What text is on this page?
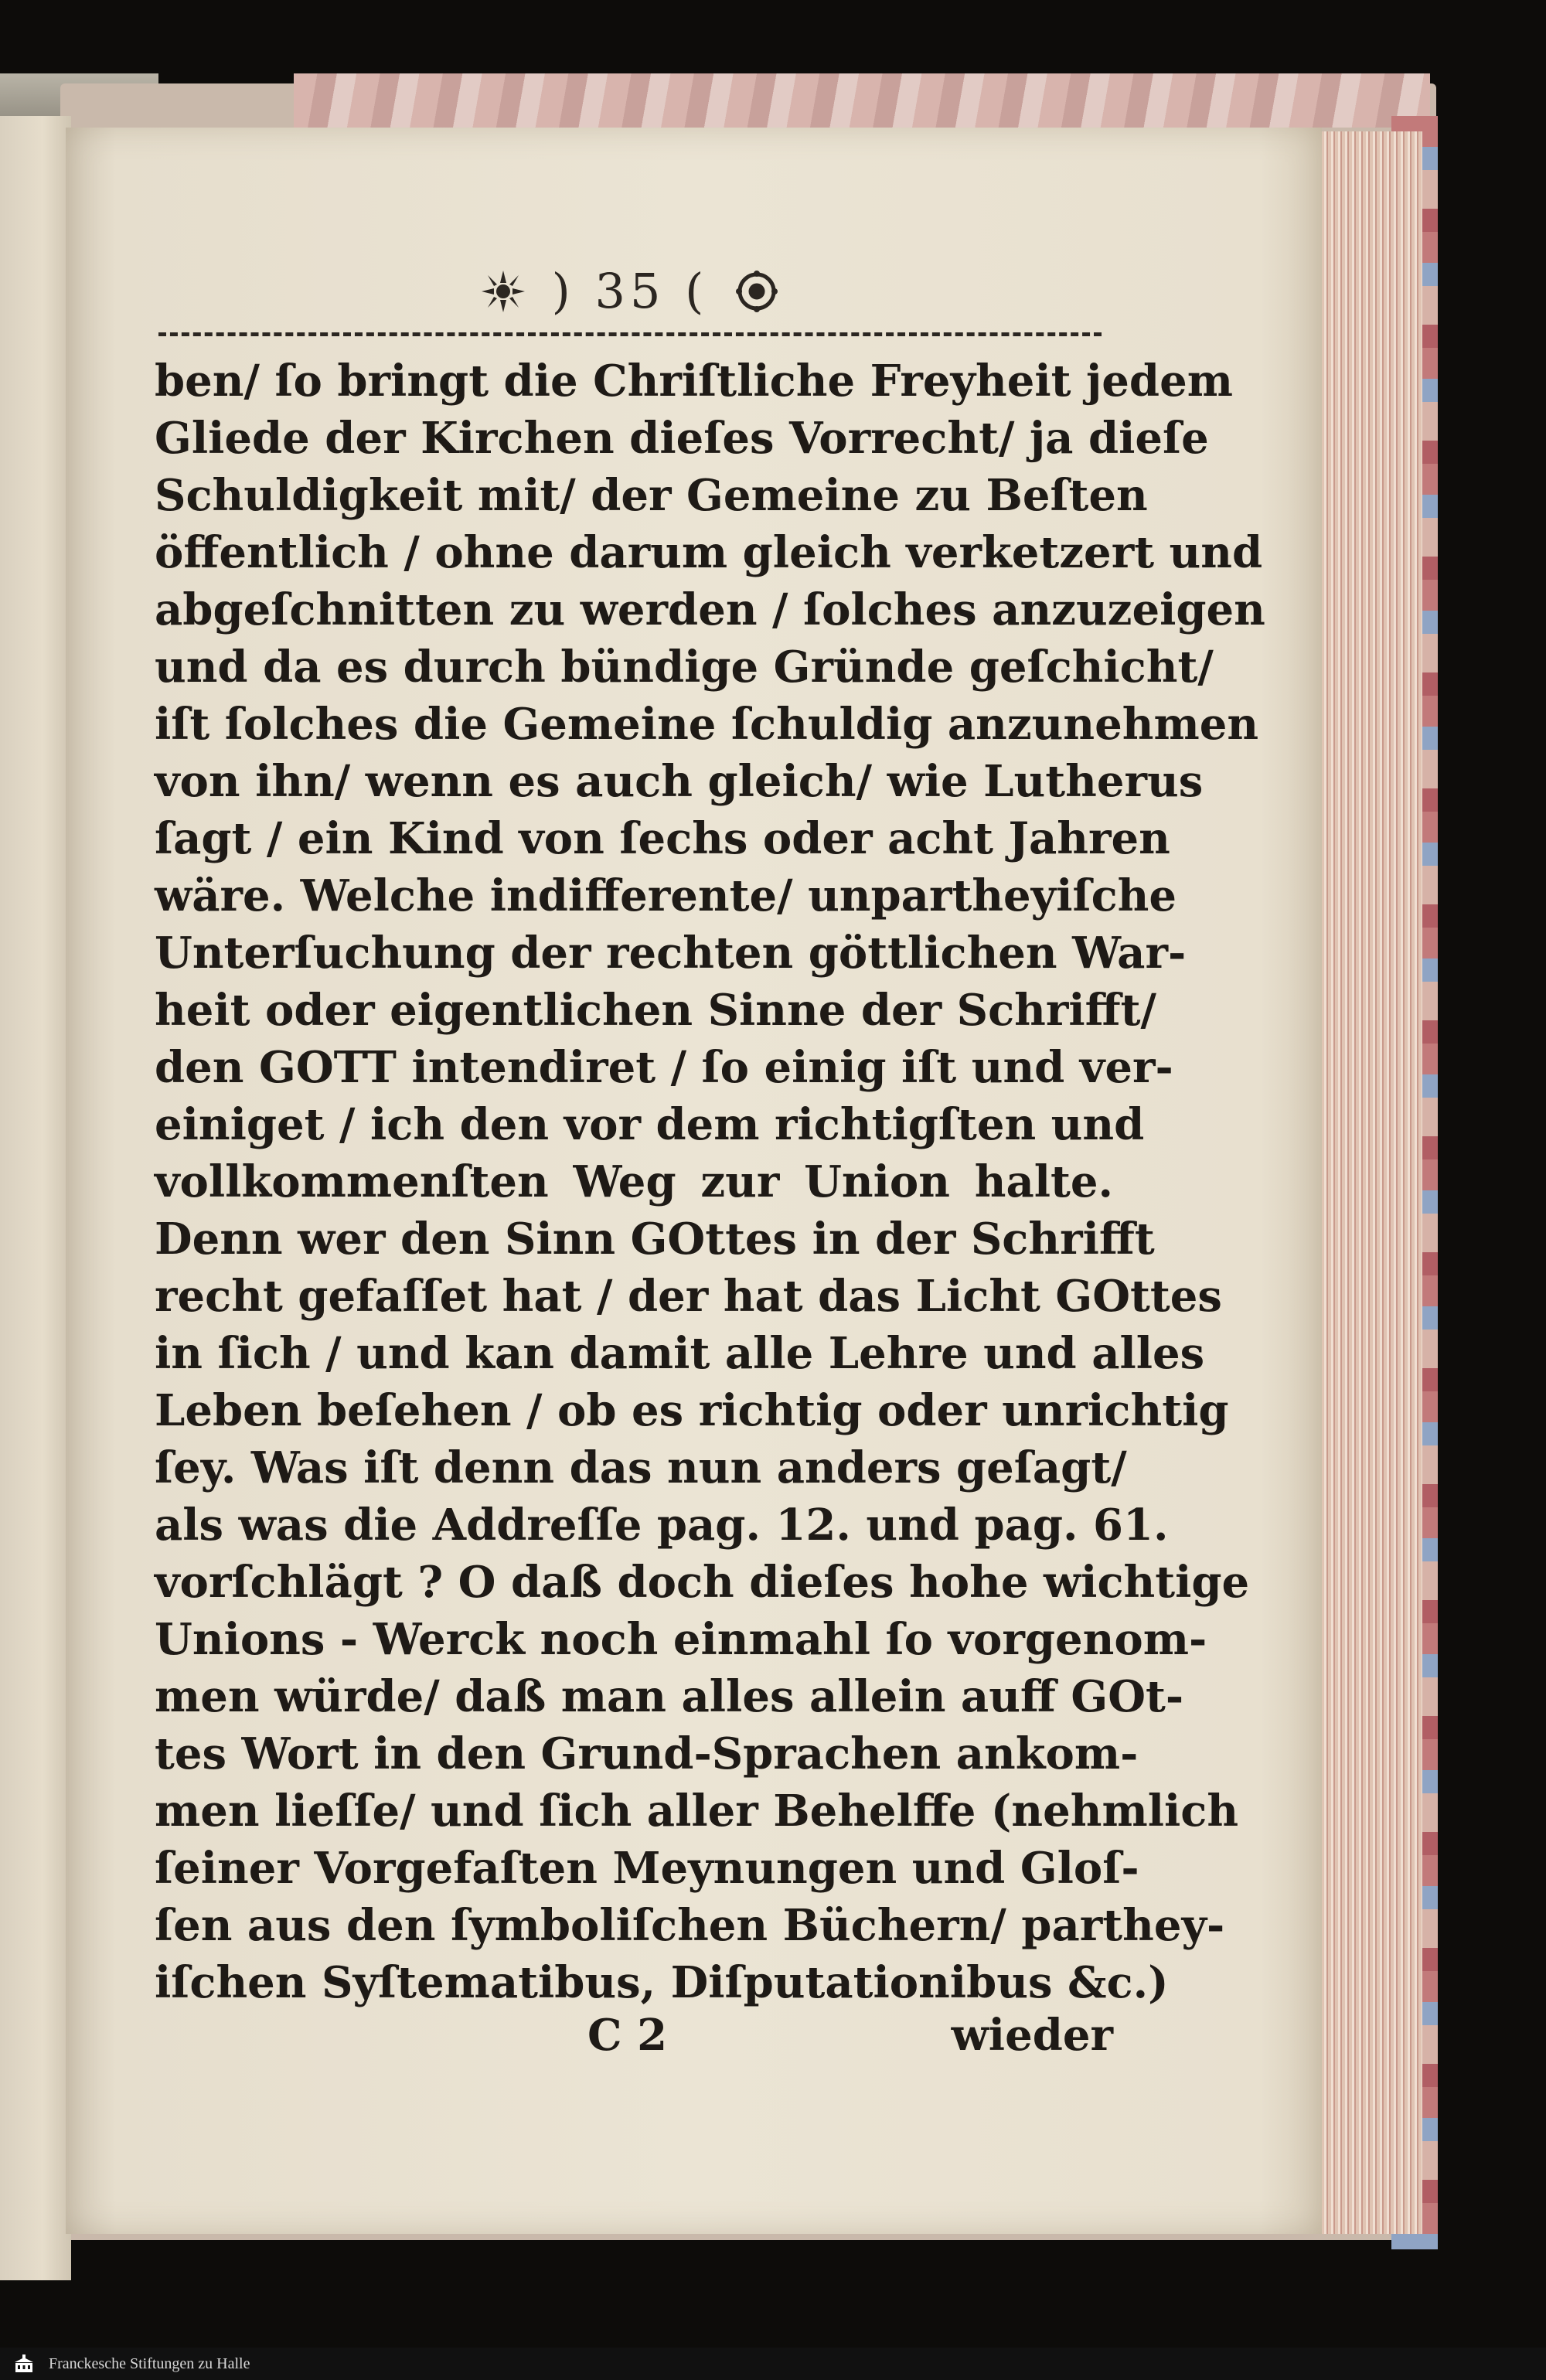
) 35 (
ben/ ſo bringt die Chriſtliche Freyheit jedem
Gliede der Kirchen dieſes Vorrecht/ ja dieſe
Schuldigkeit mit/ der Gemeine zu Beſten
öffentlich / ohne darum gleich verketzert und
abgeſchnitten zu werden / ſolches anzuzeigen
und da es durch bündige Gründe geſchicht/
iſt ſolches die Gemeine ſchuldig anzunehmen
von ihn/ wenn es auch gleich/ wie Lutherus
ſagt / ein Kind von ſechs oder acht Jahren
wäre. Welche indifferente/ unpartheyiſche
Unterſuchung der rechten göttlichen War-
heit oder eigentlichen Sinne der Schrifft/
den GOTT intendiret / ſo einig iſt und ver-
einiget / ich den vor dem richtigſten und
vollkommenſten Weg zur Union halte.
Denn wer den Sinn GOttes in der Schrifft
recht gefaſſet hat / der hat das Licht GOttes
in ſich / und kan damit alle Lehre und alles
Leben beſehen / ob es richtig oder unrichtig
ſey. Was iſt denn das nun anders geſagt/
als was die Addreſſe pag. 12. und pag. 61.
vorſchlägt ? O daß doch dieſes hohe wichtige
Unions - Werck noch einmahl ſo vorgenom-
men würde/ daß man alles allein auff GOt-
tes Wort in den Grund-Sprachen ankom-
men lieſſe/ und ſich aller Behelffe (nehmlich
ſeiner Vorgefaſten Meynungen und Gloſ-
ſen aus den ſymboliſchen Büchern/ parthey-
iſchen Syſtematibus, Diſputationibus &c.)
C 2	wieder
Franckesche Stiftungen zu Halle
